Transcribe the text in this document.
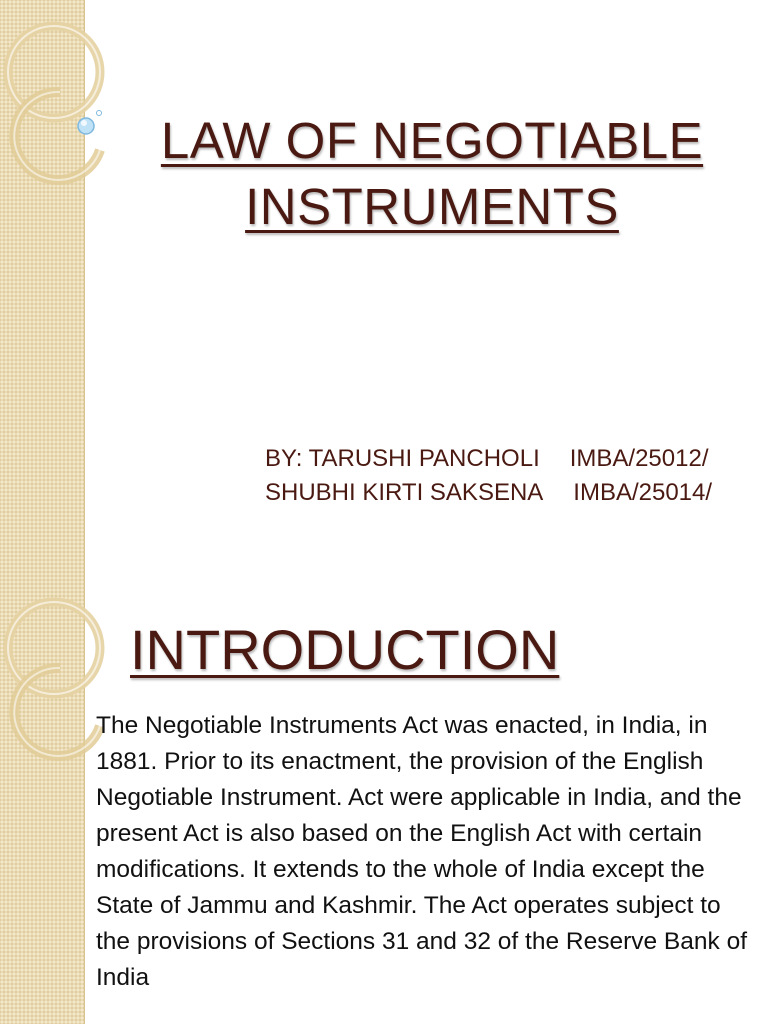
LAW OF NEGOTIABLE
INSTRUMENTS
BY: TARUSHI PANCHOLI IMBA/25012/
SHUBHI KIRTI SAKSENA IMBA/25014/
INTRODUCTION

The Negotiable Instruments Act was enacted, in India, in 1881. Prior to its enactment, the provision of the English Negotiable Instrument. Act were applicable in India, and the present Act is also based on the English Act with certain modifications. It extends to the whole of India except the State of Jammu and Kashmir. The Act operates subject to the provisions of Sections 31 and 32 of the Reserve Bank of India
